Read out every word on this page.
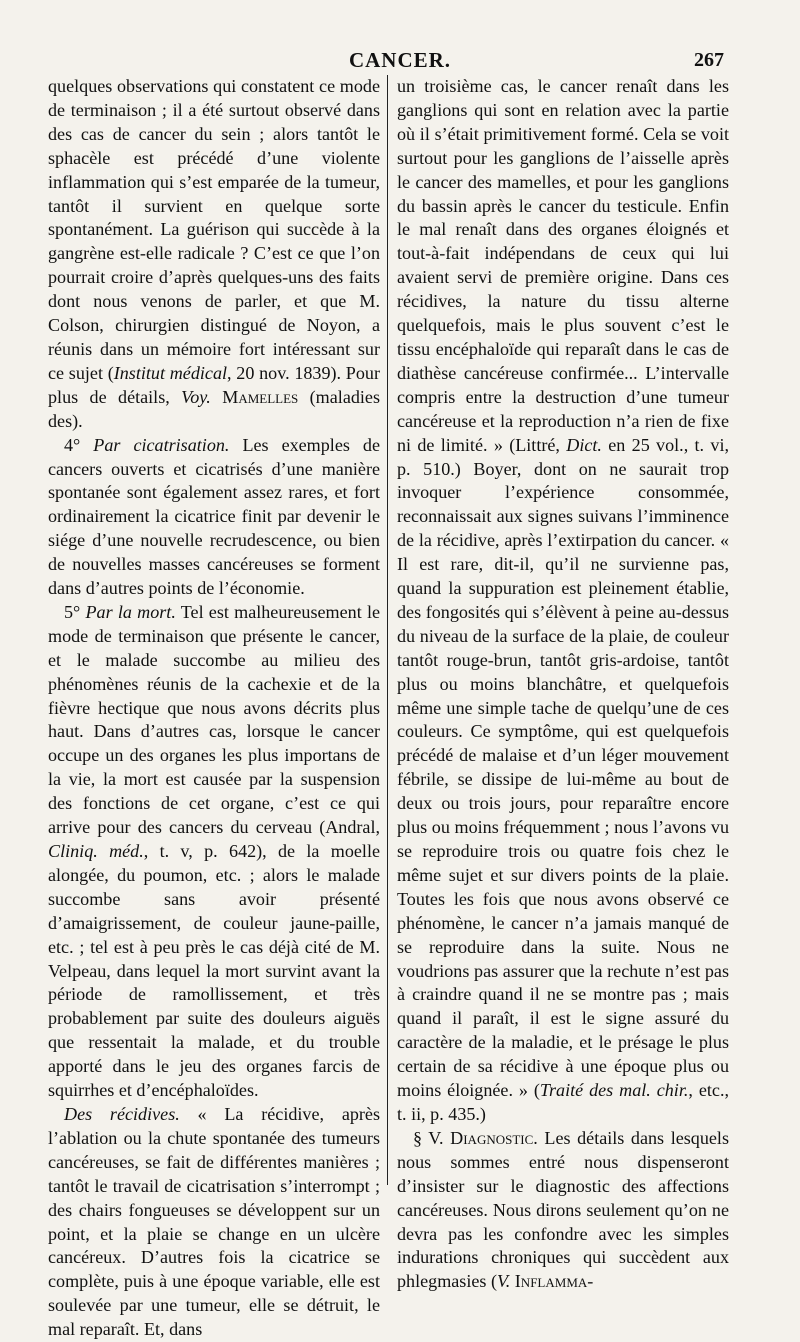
CANCER.	267

quelques observations qui constatent ce mode de terminaison ; il a été surtout observé dans des cas de cancer du sein ; alors tantôt le sphacèle est précédé d’une violente inflammation qui s’est emparée de la tumeur, tantôt il survient en quelque sorte spontanément. La guérison qui succède à la gangrène est-elle radicale ? C’est ce que l’on pourrait croire d’après quelques-uns des faits dont nous venons de parler, et que M. Colson, chirurgien distingué de Noyon, a réunis dans un mémoire fort intéressant sur ce sujet (Institut médical, 20 nov. 1839). Pour plus de détails, Voy. Mamelles (maladies des).

4° Par cicatrisation. Les exemples de cancers ouverts et cicatrisés d’une manière spontanée sont également assez rares, et fort ordinairement la cicatrice finit par devenir le siége d’une nouvelle recrudescence, ou bien de nouvelles masses cancéreuses se forment dans d’autres points de l’économie.

5° Par la mort. Tel est malheureusement le mode de terminaison que présente le cancer, et le malade succombe au milieu des phénomènes réunis de la cachexie et de la fièvre hectique que nous avons décrits plus haut. Dans d’autres cas, lorsque le cancer occupe un des organes les plus importans de la vie, la mort est causée par la suspension des fonctions de cet organe, c’est ce qui arrive pour des cancers du cerveau (Andral, Cliniq. méd., t. v, p. 642), de la moelle alongée, du poumon, etc. ; alors le malade succombe sans avoir présenté d’amaigrissement, de couleur jaune-paille, etc. ; tel est à peu près le cas déjà cité de M. Velpeau, dans lequel la mort survint avant la période de ramollissement, et très probablement par suite des douleurs aiguës que ressentait la malade, et du trouble apporté dans le jeu des organes farcis de squirrhes et d’encéphaloïdes.

Des récidives. « La récidive, après l’ablation ou la chute spontanée des tumeurs cancéreuses, se fait de différentes manières ; tantôt le travail de cicatrisation s’interrompt ; des chairs fongueuses se développent sur un point, et la plaie se change en un ulcère cancéreux. D’autres fois la cicatrice se complète, puis à une époque variable, elle est soulevée par une tumeur, elle se détruit, le mal reparaît. Et, dans

un troisième cas, le cancer renaît dans les ganglions qui sont en relation avec la partie où il s’était primitivement formé. Cela se voit surtout pour les ganglions de l’aisselle après le cancer des mamelles, et pour les ganglions du bassin après le cancer du testicule. Enfin le mal renaît dans des organes éloignés et tout-à-fait indépendans de ceux qui lui avaient servi de première origine. Dans ces récidives, la nature du tissu alterne quelquefois, mais le plus souvent c’est le tissu encéphaloïde qui reparaît dans le cas de diathèse cancéreuse confirmée... L’intervalle compris entre la destruction d’une tumeur cancéreuse et la reproduction n’a rien de fixe ni de limité. » (Littré, Dict. en 25 vol., t. vi, p. 510.) Boyer, dont on ne saurait trop invoquer l’expérience consommée, reconnaissait aux signes suivans l’imminence de la récidive, après l’extirpation du cancer. « Il est rare, dit-il, qu’il ne survienne pas, quand la suppuration est pleinement établie, des fongosités qui s’élèvent à peine au-dessus du niveau de la surface de la plaie, de couleur tantôt rouge-brun, tantôt gris-ardoise, tantôt plus ou moins blanchâtre, et quelquefois même une simple tache de quelqu’une de ces couleurs. Ce symptôme, qui est quelquefois précédé de malaise et d’un léger mouvement fébrile, se dissipe de lui-même au bout de deux ou trois jours, pour reparaître encore plus ou moins fréquemment ; nous l’avons vu se reproduire trois ou quatre fois chez le même sujet et sur divers points de la plaie. Toutes les fois que nous avons observé ce phénomène, le cancer n’a jamais manqué de se reproduire dans la suite. Nous ne voudrions pas assurer que la rechute n’est pas à craindre quand il ne se montre pas ; mais quand il paraît, il est le signe assuré du caractère de la maladie, et le présage le plus certain de sa récidive à une époque plus ou moins éloignée. » (Traité des mal. chir., etc., t. ii, p. 435.)

§ V. Diagnostic. Les détails dans lesquels nous sommes entré nous dispenseront d’insister sur le diagnostic des affections cancéreuses. Nous dirons seulement qu’on ne devra pas les confondre avec les simples indurations chroniques qui succèdent aux phlegmasies (V. Inflamma-
